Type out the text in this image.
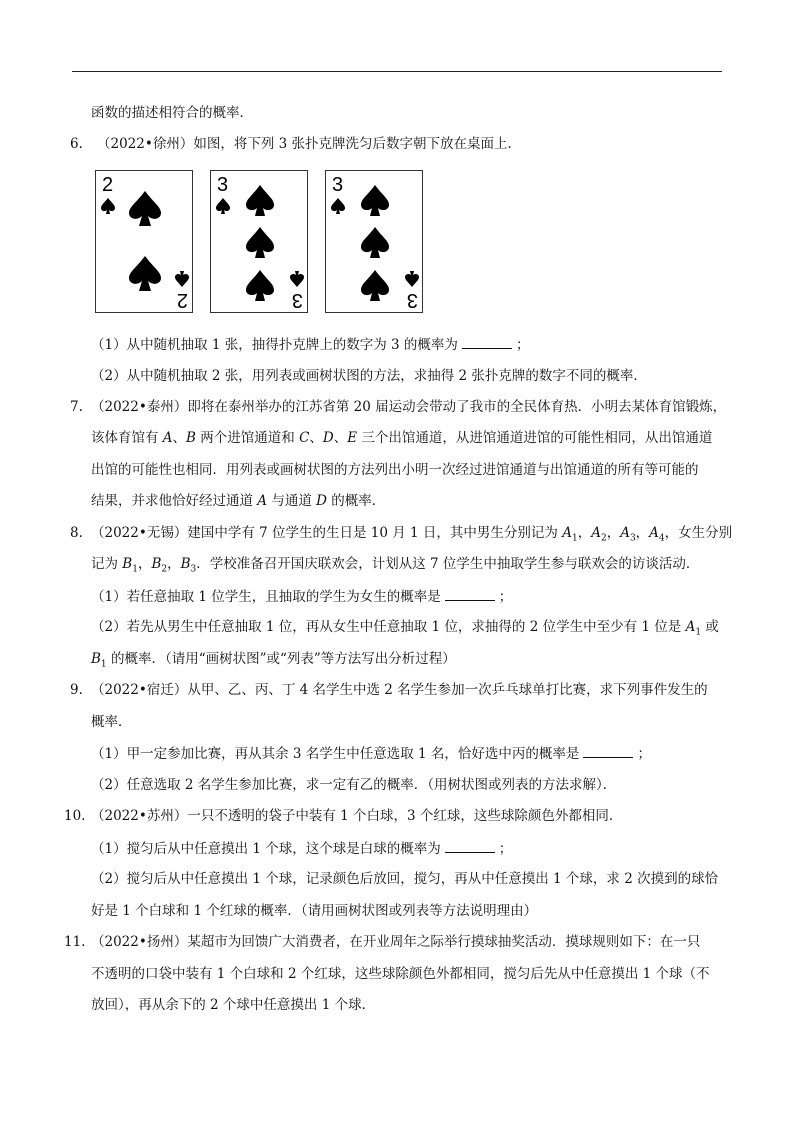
函数的描述相符合的概率．
6. （2022•徐州）如图，将下列 3 张扑克牌洗匀后数字朝下放在桌面上．
2
2
3
3
3
3
（1）从中随机抽取 1 张，抽得扑克牌上的数字为 3 的概率为	；
（2）从中随机抽取 2 张，用列表或画树状图的方法，求抽得 2 张扑克牌的数字不同的概率．
7. （2022•泰州）即将在泰州举办的江苏省第 20 届运动会带动了我市的全民体育热．小明去某体育馆锻炼，
该体育馆有 A、B 两个进馆通道和 C、D、E 三个出馆通道，从进馆通道进馆的可能性相同，从出馆通道
出馆的可能性也相同．用列表或画树状图的方法列出小明一次经过进馆通道与出馆通道的所有等可能的
结果，并求他恰好经过通道 A 与通道 D 的概率．
8. （2022•无锡）建国中学有 7 位学生的生日是 10 月 1 日，其中男生分别记为 $A_1$，$A_2$，$A_3$，$A_4$，女生分别
记为 $B_1$，$B_2$，$B_3$．学校准备召开国庆联欢会，计划从这 7 位学生中抽取学生参与联欢会的访谈活动．
（1）若任意抽取 1 位学生，且抽取的学生为女生的概率是	；
（2）若先从男生中任意抽取 1 位，再从女生中任意抽取 1 位，求抽得的 2 位学生中至少有 1 位是 $A_1$ 或
$B_1$ 的概率．（请用“画树状图”或“列表”等方法写出分析过程）
9. （2022•宿迁）从甲、乙、丙、丁 4 名学生中选 2 名学生参加一次乒乓球单打比赛，求下列事件发生的
概率．
（1）甲一定参加比赛，再从其余 3 名学生中任意选取 1 名，恰好选中丙的概率是	；
（2）任意选取 2 名学生参加比赛，求一定有乙的概率．（用树状图或列表的方法求解）．
10. （2022•苏州）一只不透明的袋子中装有 1 个白球，3 个红球，这些球除颜色外都相同．
（1）搅匀后从中任意摸出 1 个球，这个球是白球的概率为	；
（2）搅匀后从中任意摸出 1 个球，记录颜色后放回，搅匀，再从中任意摸出 1 个球，求 2 次摸到的球恰
好是 1 个白球和 1 个红球的概率．（请用画树状图或列表等方法说明理由）
11. （2022•扬州）某超市为回馈广大消费者，在开业周年之际举行摸球抽奖活动．摸球规则如下：在一只
不透明的口袋中装有 1 个白球和 2 个红球，这些球除颜色外都相同，搅匀后先从中任意摸出 1 个球（不
放回），再从余下的 2 个球中任意摸出 1 个球．
